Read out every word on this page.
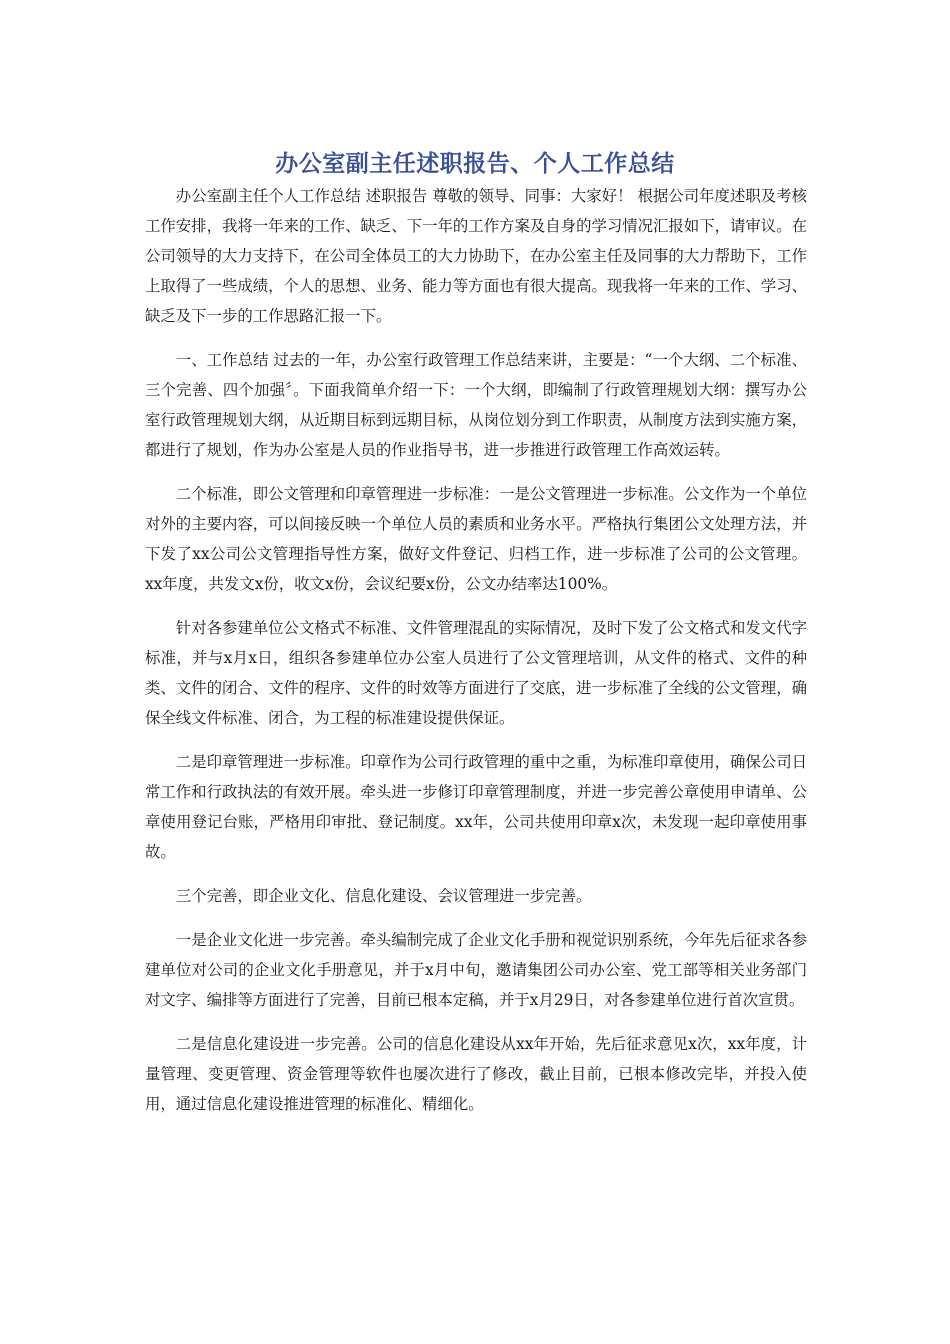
办公室副主任述职报告、个人工作总结

办公室副主任个人工作总结 述职报告 尊敬的领导、同事：大家好！ 根据公司年度述职及考核工作安排，我将一年来的工作、缺乏、下一年的工作方案及自身的学习情况汇报如下，请审议。在公司领导的大力支持下，在公司全体员工的大力协助下，在办公室主任及同事的大力帮助下，工作上取得了一些成绩，个人的思想、业务、能力等方面也有很大提高。现我将一年来的工作、学习、缺乏及下一步的工作思路汇报一下。

一、工作总结 过去的一年，办公室行政管理工作总结来讲，主要是：“一个大纲、二个标准、三个完善、四个加强〞。下面我简单介绍一下：一个大纲，即编制了行政管理规划大纲：撰写办公室行政管理规划大纲，从近期目标到远期目标，从岗位划分到工作职责，从制度方法到实施方案，都进行了规划，作为办公室是人员的作业指导书，进一步推进行政管理工作高效运转。

二个标准，即公文管理和印章管理进一步标准：一是公文管理进一步标准。公文作为一个单位对外的主要内容，可以间接反映一个单位人员的素质和业务水平。严格执行集团公文处理方法，并下发了xx公司公文管理指导性方案，做好文件登记、归档工作，进一步标准了公司的公文管理。xx年度，共发文x份，收文x份，会议纪要x份，公文办结率达100%。

针对各参建单位公文格式不标准、文件管理混乱的实际情况，及时下发了公文格式和发文代字标准，并与x月x日，组织各参建单位办公室人员进行了公文管理培训，从文件的格式、文件的种类、文件的闭合、文件的程序、文件的时效等方面进行了交底，进一步标准了全线的公文管理，确保全线文件标准、闭合，为工程的标准建设提供保证。

二是印章管理进一步标准。印章作为公司行政管理的重中之重，为标准印章使用，确保公司日常工作和行政执法的有效开展。牵头进一步修订印章管理制度，并进一步完善公章使用申请单、公章使用登记台账，严格用印审批、登记制度。xx年，公司共使用印章x次，未发现一起印章使用事故。

三个完善，即企业文化、信息化建设、会议管理进一步完善。

一是企业文化进一步完善。牵头编制完成了企业文化手册和视觉识别系统，今年先后征求各参建单位对公司的企业文化手册意见，并于x月中旬，邀请集团公司办公室、党工部等相关业务部门对文字、编排等方面进行了完善，目前已根本定稿，并于x月29日，对各参建单位进行首次宣贯。

二是信息化建设进一步完善。公司的信息化建设从xx年开始，先后征求意见x次，xx年度，计量管理、变更管理、资金管理等软件也屡次进行了修改，截止目前，已根本修改完毕，并投入使用，通过信息化建设推进管理的标准化、精细化。
